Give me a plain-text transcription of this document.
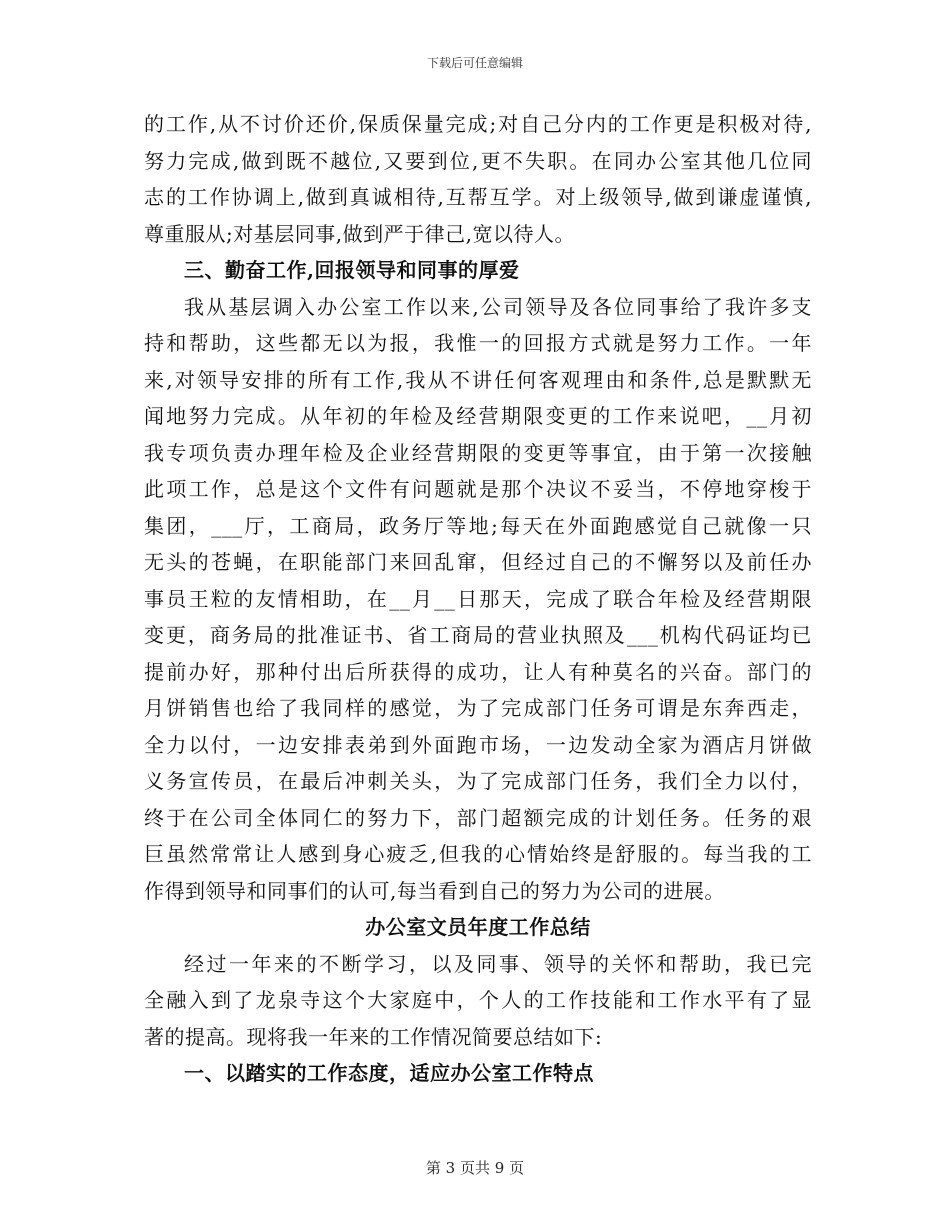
下载后可任意编辑
的工作,从不讨价还价,保质保量完成;对自己分内的工作更是积极对待,
努力完成,做到既不越位,又要到位,更不失职。在同办公室其他几位同
志的工作协调上,做到真诚相待,互帮互学。对上级领导,做到谦虚谨慎,
尊重服从;对基层同事,做到严于律己,宽以待人。
三、勤奋工作,回报领导和同事的厚爱
我从基层调入办公室工作以来,公司领导及各位同事给了我许多支
持和帮助，这些都无以为报，我惟一的回报方式就是努力工作。一年
来,对领导安排的所有工作,我从不讲任何客观理由和条件,总是默默无
闻地努力完成。从年初的年检及经营期限变更的工作来说吧，__月初
我专项负责办理年检及企业经营期限的变更等事宜，由于第一次接触
此项工作，总是这个文件有问题就是那个决议不妥当，不停地穿梭于
集团，___厅，工商局，政务厅等地;每天在外面跑感觉自己就像一只
无头的苍蝇，在职能部门来回乱窜，但经过自己的不懈努以及前任办
事员王粒的友情相助，在__月__日那天，完成了联合年检及经营期限
变更，商务局的批准证书、省工商局的营业执照及___机构代码证均已
提前办好，那种付出后所获得的成功，让人有种莫名的兴奋。部门的
月饼销售也给了我同样的感觉，为了完成部门任务可谓是东奔西走，
全力以付，一边安排表弟到外面跑市场，一边发动全家为酒店月饼做
义务宣传员，在最后冲刺关头，为了完成部门任务，我们全力以付，
终于在公司全体同仁的努力下，部门超额完成的计划任务。任务的艰
巨虽然常常让人感到身心疲乏,但我的心情始终是舒服的。每当我的工
作得到领导和同事们的认可,每当看到自己的努力为公司的进展。
办公室文员年度工作总结
经过一年来的不断学习，以及同事、领导的关怀和帮助，我已完
全融入到了龙泉寺这个大家庭中，个人的工作技能和工作水平有了显
著的提高。现将我一年来的工作情况简要总结如下:
一、以踏实的工作态度，适应办公室工作特点
第 3 页共 9 页
